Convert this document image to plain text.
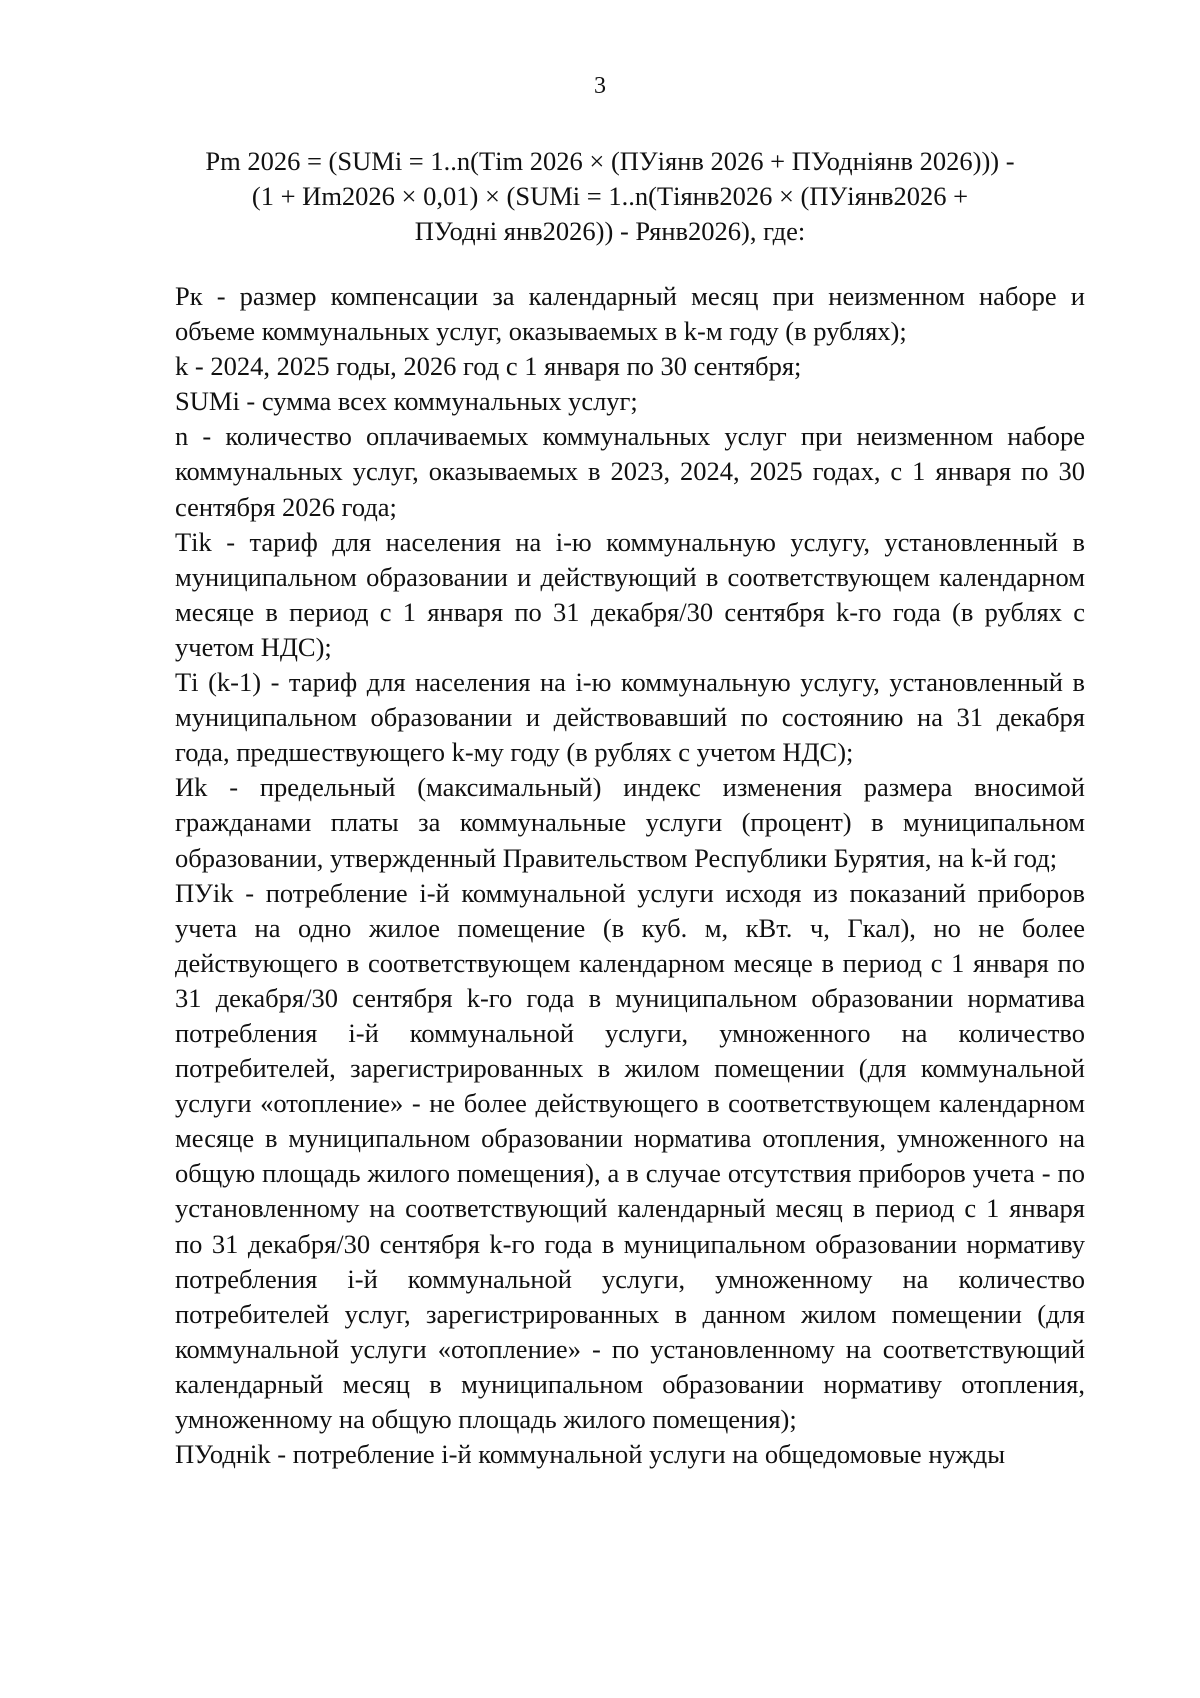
3
Рm 2026 = (SUMi = 1..n(Тim 2026 × (ПУiянв 2026 + ПУоднiянв 2026))) -
(1 + Иm2026 × 0,01) × (SUMi = 1..n(Тiянв2026 × (ПУiянв2026 +
ПУоднi янв2026)) - Рянв2026), где:

Рк - размер компенсации за календарный месяц при неизменном наборе и объеме коммунальных услуг, оказываемых в k-м году (в рублях);

k - 2024, 2025 годы, 2026 год с 1 января по 30 сентября;

SUMi - сумма всех коммунальных услуг;

n - количество оплачиваемых коммунальных услуг при неизменном наборе коммунальных услуг, оказываемых в 2023, 2024, 2025 годах, с 1 января по 30 сентября 2026 года;

Тik - тариф для населения на i-ю коммунальную услугу, установленный в муниципальном образовании и действующий в соответствующем календарном месяце в период с 1 января по 31 декабря/30 сентября k-го года (в рублях с учетом НДС);

Тi (k-1) - тариф для населения на i-ю коммунальную услугу, установленный в муниципальном образовании и действовавший по состоянию на 31 декабря года, предшествующего k-му году (в рублях с учетом НДС);

Иk - предельный (максимальный) индекс изменения размера вносимой гражданами платы за коммунальные услуги (процент) в муниципальном образовании, утвержденный Правительством Республики Бурятия, на k-й год;

ПУik - потребление i-й коммунальной услуги исходя из показаний приборов учета на одно жилое помещение (в куб. м, кВт. ч, Гкал), но не более действующего в соответствующем календарном месяце в период с 1 января по 31 декабря/30 сентября k-го года в муниципальном образовании норматива потребления i-й коммунальной услуги, умноженного на количество потребителей, зарегистрированных в жилом помещении (для коммунальной услуги «отопление» - не более действующего в соответствующем календарном месяце в муниципальном образовании норматива отопления, умноженного на общую площадь жилого помещения), а в случае отсутствия приборов учета - по установленному на соответствующий календарный месяц в период с 1 января по 31 декабря/30 сентября k-го года в муниципальном образовании нормативу потребления i-й коммунальной услуги, умноженному на количество потребителей услуг, зарегистрированных в данном жилом помещении (для коммунальной услуги «отопление» - по установленному на соответствующий календарный месяц в муниципальном образовании нормативу отопления, умноженному на общую площадь жилого помещения);

ПУоднik - потребление i-й коммунальной услуги на общедомовые нужды
